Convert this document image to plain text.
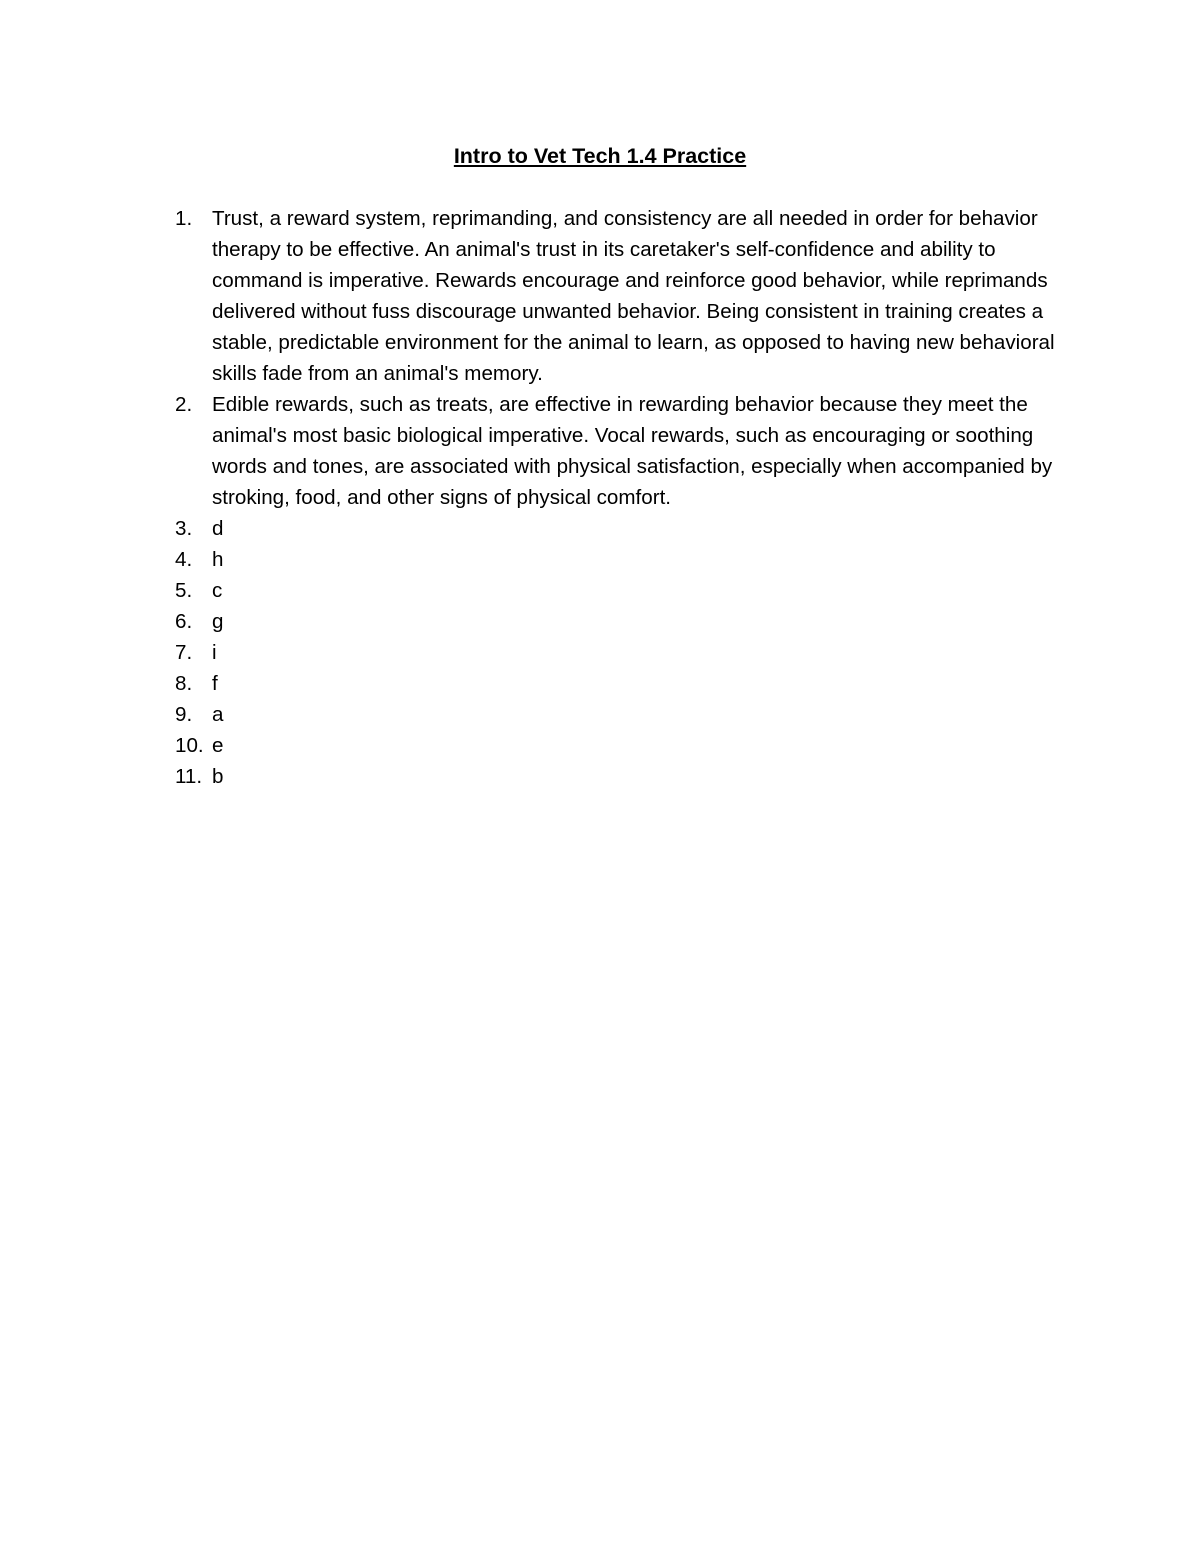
Intro to Vet Tech 1.4 Practice
1. Trust, a reward system, reprimanding, and consistency are all needed in order for behavior therapy to be effective. An animal's trust in its caretaker's self-confidence and ability to command is imperative. Rewards encourage and reinforce good behavior, while reprimands delivered without fuss discourage unwanted behavior. Being consistent in training creates a stable, predictable environment for the animal to learn, as opposed to having new behavioral skills fade from an animal's memory.
2. Edible rewards, such as treats, are effective in rewarding behavior because they meet the animal's most basic biological imperative. Vocal rewards, such as encouraging or soothing words and tones, are associated with physical satisfaction, especially when accompanied by stroking, food, and other signs of physical comfort.
3. d
4. h
5. c
6. g
7. i
8. f
9. a
10. e
11. b
